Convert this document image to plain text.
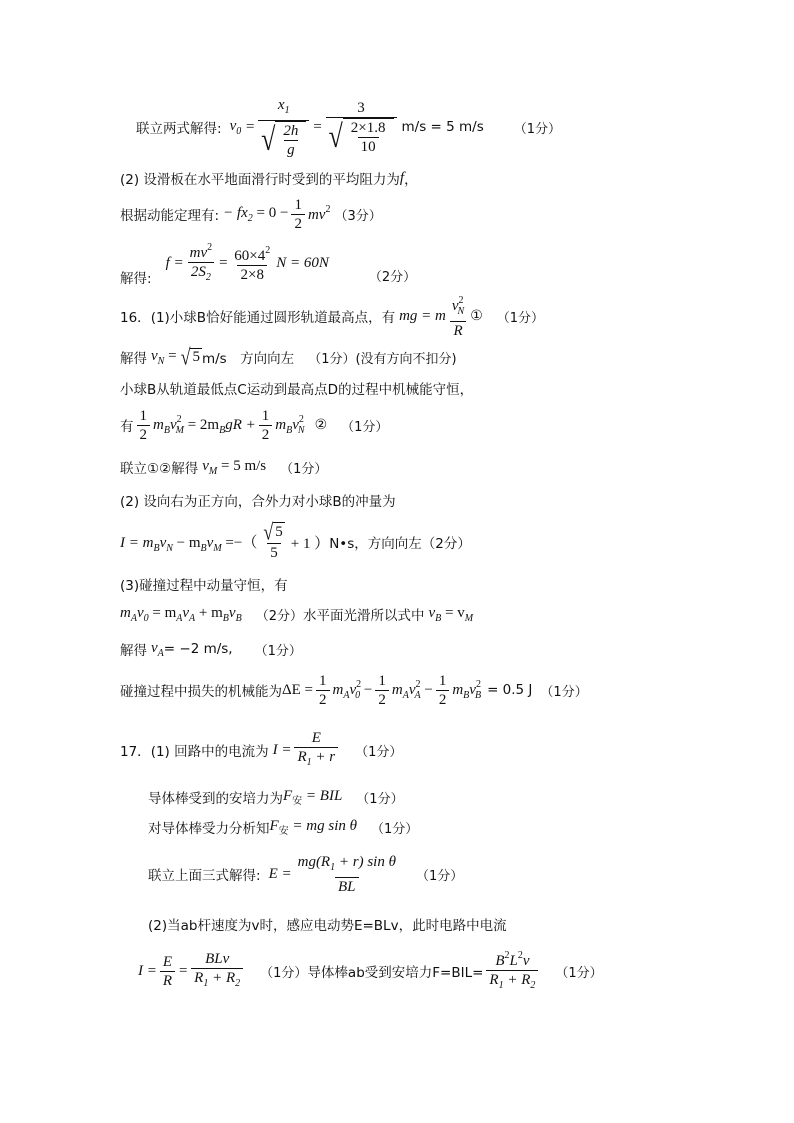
联立两式解得: $v_0 = \frac{x_1}{√ \frac{2h}{g}} = \frac{3}{√ \frac{2\times 1.8}{10}} m/s = 5$ m/s （1分）
(2) 设滑板在水平地面滑行时受到的平均阻力为 f ，
根据动能定理有: − $fx_2 = 0 - \frac{1}{2} mv^2$ （3分）
解得:
$f = \frac{mv^2}{2S_2} = \frac{60\times 4^2}{2\times 8}$ N = 60N
（2分）
16． (1)小球B恰好能通过圆形轨道最高点，有 mg = m $\frac{v^2_N}{R}$ ① （1分）
解得 $v_N$ = √ 5 m/s　方向向左 （1分）(没有方向不扣分)
小球B从轨道最低点C运动到最高点D的过程中机械能守恒，
有 $\frac{1}{2} m_Bv^2_M = 2m_BgR + \frac{1}{2} m_Bv^2_N$ ② （1分）
联立①②解得 $v_M = 5$ m/s （1分）
(2) 设向右为正方向，合外力对小球B的冲量为
$I = m_Bv_N - m_Bv_M$ =−（ $\frac{√ 5}{5} + 1$ ） N•s，方向向左（2分）
(3)碰撞过程中动量守恒，有
$m_Av_0 = m_Av_A + m_Bv_B$ （2分） 水平面光滑所以式中 $v_B = v_M$
解得 $v_A = -2$ m/s, （1分）
碰撞过程中损失的机械能为 $\Delta E = \frac{1}{2} m_Av^2_0 - \frac{1}{2} m_Av^2_A - \frac{1}{2} m_Bv^2_B = 0.5$ J （1分）
17． (1) 回路中的电流为 $I = \frac{E}{R_1 + r} (1$分）
导体棒受到的安培力为 $F_安$ = BIL （1分）
对导体棒受力分析知 $F_安$ = mg sin θ （1分）
联立上面三式解得: $E = \frac{mg(R_1 + r) \sin \theta}{BL} (1$分）
(2)当ab杆速度为v时，感应电动势E=BLv，此时电路中电流
$I = \frac{E}{R} = \frac{\text{BLv}}{R_1 + R_2} (1$分） 导体棒ab受到安培力$F=BIL= \frac{B^2L^2v}{R_1 + R_2} (1$分）
